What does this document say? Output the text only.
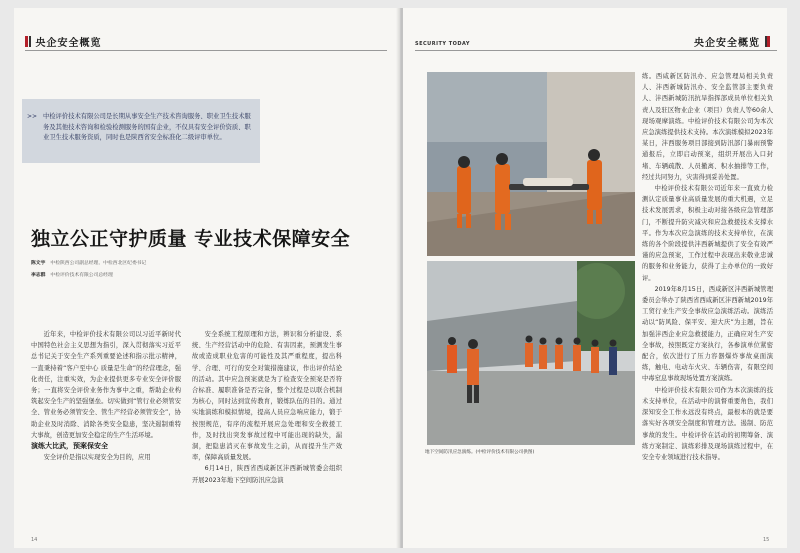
央企安全概览
>> 中检评价技术有限公司是长期从事安全生产技术咨询服务、职业卫生技术服务及其他技术咨询和检验检测服务的国有企业，不仅具有安全评价资质、职业卫生技术服务资质，同时也是陕西省安全标准化二级评审单位。

独立公正守护质量 专业技术保障安全
陈文宇 中检陕西公司副总经理、中检西北区纪委书记
李志群 中检评价技术有限公司总经理

近年来，中检评价技术有限公司以习近平新时代中国特色社会主义思想为指引，深入贯彻落实习近平总书记关于安全生产系列重要论述和指示批示精神，一直秉持着“客户至中心 质量是生命”的经营理念，强化责任，注重实效，为企业提供更多专业安全评价服务；一直将安全评价业务作为事中之重，帮助企业构筑起安全生产的坚强堡垒。切实做到“管行业必须管安全、管业务必须管安全、管生产经营必须管安全”，协助企业及时消除、消除各类安全隐患，坚决遏制重特大事故，创造更加安全稳定的生产生活环境。

演练大比武，预案保安全

安全评价是指以实现安全为目的，应用

安全系统工程原理和方法，辨识和分析建设、系统、生产经营活动中的危险、有害因素，预测发生事故或造成职业危害的可能性及其严重程度，提出科学、合理、可行的安全对策措施建议，作出评价结论的活动。其中应急预案就是为了检查安全预案是否符合标准、履职准备是否完备，整个过程是以联合机制为核心，同时达到宣传教育，锻炼队伍的目的。通过实地演练和模拟情境，提高人员应急响应能力，锻于按照规范，有序的流程开展应急处理和安全救援工作，及时找出突发事故过程中可能出现的缺失，漏洞，把隐患消灭在事故发生之前，从而提升生产效率，保障高质量发展。

6月14日，陕西省西咸新区沣西新城管委会组织开展2023年地下空间防汛应急演

14
SECURITY TODAY	央企安全概览
地下空间防汛应急演练。(中检评价技术有限公司供图)

练。西咸新区防汛办、应急管理局相关负责人、沣西新城防汛办、安全监管部主要负责人、沣西新城防汛抗旱指挥部成员单位相关负责人及驻区物业企业（项目）负责人等60余人现场观摩演练。中检评价技术有限公司为本次应急演练提供技术支持。本次演练模拟2023年某日，沣西服务项目部接到防汛部门暴雨预警通报后，立即启动预案，组织开展出入口封堵、车辆疏散、人员撤离、积水抽排等工作，经过共同努力，灾害得到妥善处置。

中检评价技术有限公司近年来一直致力检测认定质量事业高质量发展的重大机遇，立足技术发展需求，积极主动对接各级应急管理部门，不断提升防灾减灾和应急救援技术支撑水平。作为本次应急演练的技术支持单位，在演练的各个阶段提供沣西新城提供了安全有效严谨的应急预案，工作过程中表现出来敬业忠诚的服务和业务能力，获得了主办单位的一致好评。

2019年8月15日，西咸新区沣西新城管理委员会举办了陕西省西咸新区沣西新城2019年工贸行业生产安全事故应急演练活动。演练活动以“防风险、保平安、迎大庆”为主题，旨在加强沣西企业应急救援能力，正确应对生产安全事故，按照既定方案执行，各参演单位紧密配合，依次进行了压力容器爆炸事故桌面演练，触电、电动车火灾、车辆伤害，有限空间中毒窒息事故现场处置方案演练。

中检评价技术有限公司作为本次演练的技术支持单位，在活动中的演督重要角色，我们深知安全工作永远没有终点，最根本的就是要落实好各项安全制度和管理方法。遏制、防范事故的发生。中检评价在活动的初期筹备、演练方案制定、演练彩排及现场演练过程中，在安全专业领域进行技术指导。

15
